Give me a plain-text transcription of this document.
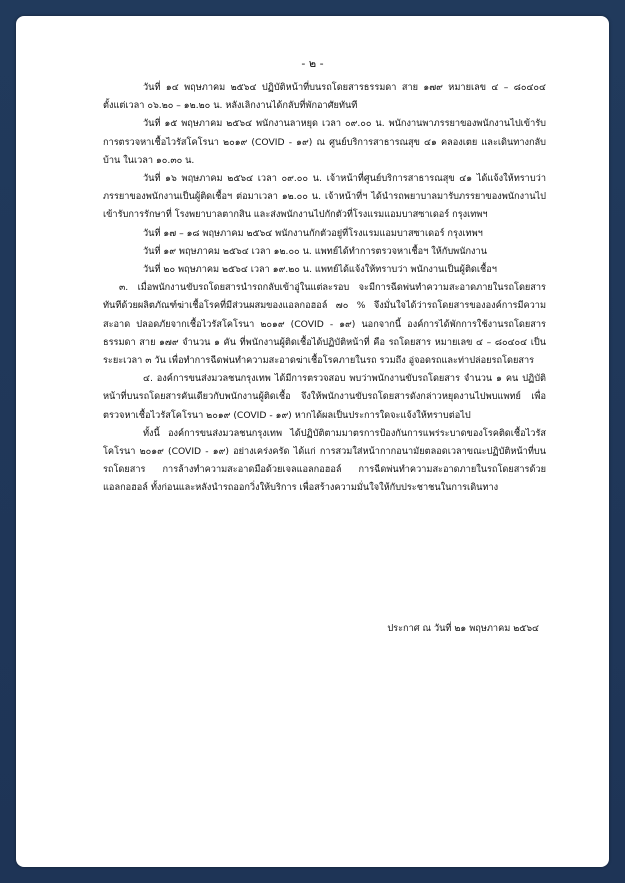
- ๒ -

วันที่ ๑๔ พฤษภาคม ๒๕๖๔ ปฏิบัติหน้าที่บนรถโดยสารธรรมดา สาย ๑๗๙ หมายเลข ๔ – ๘๐๔๐๔ ตั้งแต่เวลา ๐๖.๒๐ – ๑๒.๒๐ น. หลังเลิกงานได้กลับที่พักอาศัยทันที

วันที่ ๑๕ พฤษภาคม ๒๕๖๔ พนักงานลาหยุด เวลา ๐๙.๐๐ น. พนักงานพาภรรยาของพนักงานไปเข้ารับการตรวจหาเชื้อไวรัสโคโรนา ๒๐๑๙ (COVID - ๑๙) ณ ศูนย์บริการสาธารณสุข ๔๑ คลองเตย และเดินทางกลับบ้าน ในเวลา ๑๐.๓๐ น.

วันที่ ๑๖ พฤษภาคม ๒๕๖๔ เวลา ๐๙.๐๐ น. เจ้าหน้าที่ศูนย์บริการสาธารณสุข ๔๑ ได้แจ้งให้ทราบว่า ภรรยาของพนักงานเป็นผู้ติดเชื้อฯ ต่อมาเวลา ๑๒.๐๐ น. เจ้าหน้าที่ฯ ได้นำรถพยาบาลมารับภรรยาของพนักงานไปเข้ารับการรักษาที่ โรงพยาบาลตากสิน และส่งพนักงานไปกักตัวที่โรงแรมแอมบาสซาเดอร์ กรุงเทพฯ

วันที่ ๑๗ – ๑๘ พฤษภาคม ๒๕๖๔ พนักงานกักตัวอยู่ที่โรงแรมแอมบาสซาเดอร์ กรุงเทพฯ

วันที่ ๑๙ พฤษภาคม ๒๕๖๔ เวลา ๑๒.๐๐ น. แพทย์ได้ทำการตรวจหาเชื้อฯ ให้กับพนักงาน

วันที่ ๒๐ พฤษภาคม ๒๕๖๔ เวลา ๑๙.๒๐ น. แพทย์ได้แจ้งให้ทราบว่า พนักงานเป็นผู้ติดเชื้อฯ

๓. เมื่อพนักงานขับรถโดยสารนำรถกลับเข้าอู่ในแต่ละรอบ จะมีการฉีดพ่นทำความสะอาดภายในรถโดยสารทันทีด้วยผลิตภัณฑ์ฆ่าเชื้อโรคที่มีส่วนผสมของแอลกอฮอล์ ๗๐ % จึงมั่นใจได้ว่ารถโดยสารขององค์การมีความสะอาด ปลอดภัยจากเชื้อไวรัสโคโรนา ๒๐๑๙ (COVID - ๑๙) นอกจากนี้ องค์การได้พักการใช้งานรถโดยสารธรรมดา สาย ๑๗๙ จำนวน ๑ คัน ที่พนักงานผู้ติดเชื้อได้ปฏิบัติหน้าที่ คือ รถโดยสาร หมายเลข ๔ – ๘๐๔๐๔ เป็นระยะเวลา ๓ วัน เพื่อทำการฉีดพ่นทำความสะอาดฆ่าเชื้อโรคภายในรถ รวมถึง อู่จอดรถและท่าปล่อยรถโดยสาร

๔. องค์การขนส่งมวลชนกรุงเทพ ได้มีการตรวจสอบ พบว่าพนักงานขับรถโดยสาร จำนวน ๑ คน ปฏิบัติหน้าที่บนรถโดยสารคันเดียวกับพนักงานผู้ติดเชื้อ จึงให้พนักงานขับรถโดยสารดังกล่าวหยุดงานไปพบแพทย์ เพื่อตรวจหาเชื้อไวรัสโคโรนา ๒๐๑๙ (COVID - ๑๙) หากได้ผลเป็นประการใดจะแจ้งให้ทราบต่อไป

ทั้งนี้ องค์การขนส่งมวลชนกรุงเทพ ได้ปฏิบัติตามมาตรการป้องกันการแพร่ระบาดของโรคติดเชื้อไวรัสโคโรนา ๒๐๑๙ (COVID - ๑๙) อย่างเคร่งครัด ได้แก่ การสวมใส่หน้ากากอนามัยตลอดเวลาขณะปฏิบัติหน้าที่บนรถโดยสาร การล้างทำความสะอาดมือด้วยเจลแอลกอฮอล์ การฉีดพ่นทำความสะอาดภายในรถโดยสารด้วยแอลกอฮอล์ ทั้งก่อนและหลังนำรถออกวิ่งให้บริการ เพื่อสร้างความมั่นใจให้กับประชาชนในการเดินทาง

ประกาศ ณ วันที่ ๒๑ พฤษภาคม ๒๕๖๔
